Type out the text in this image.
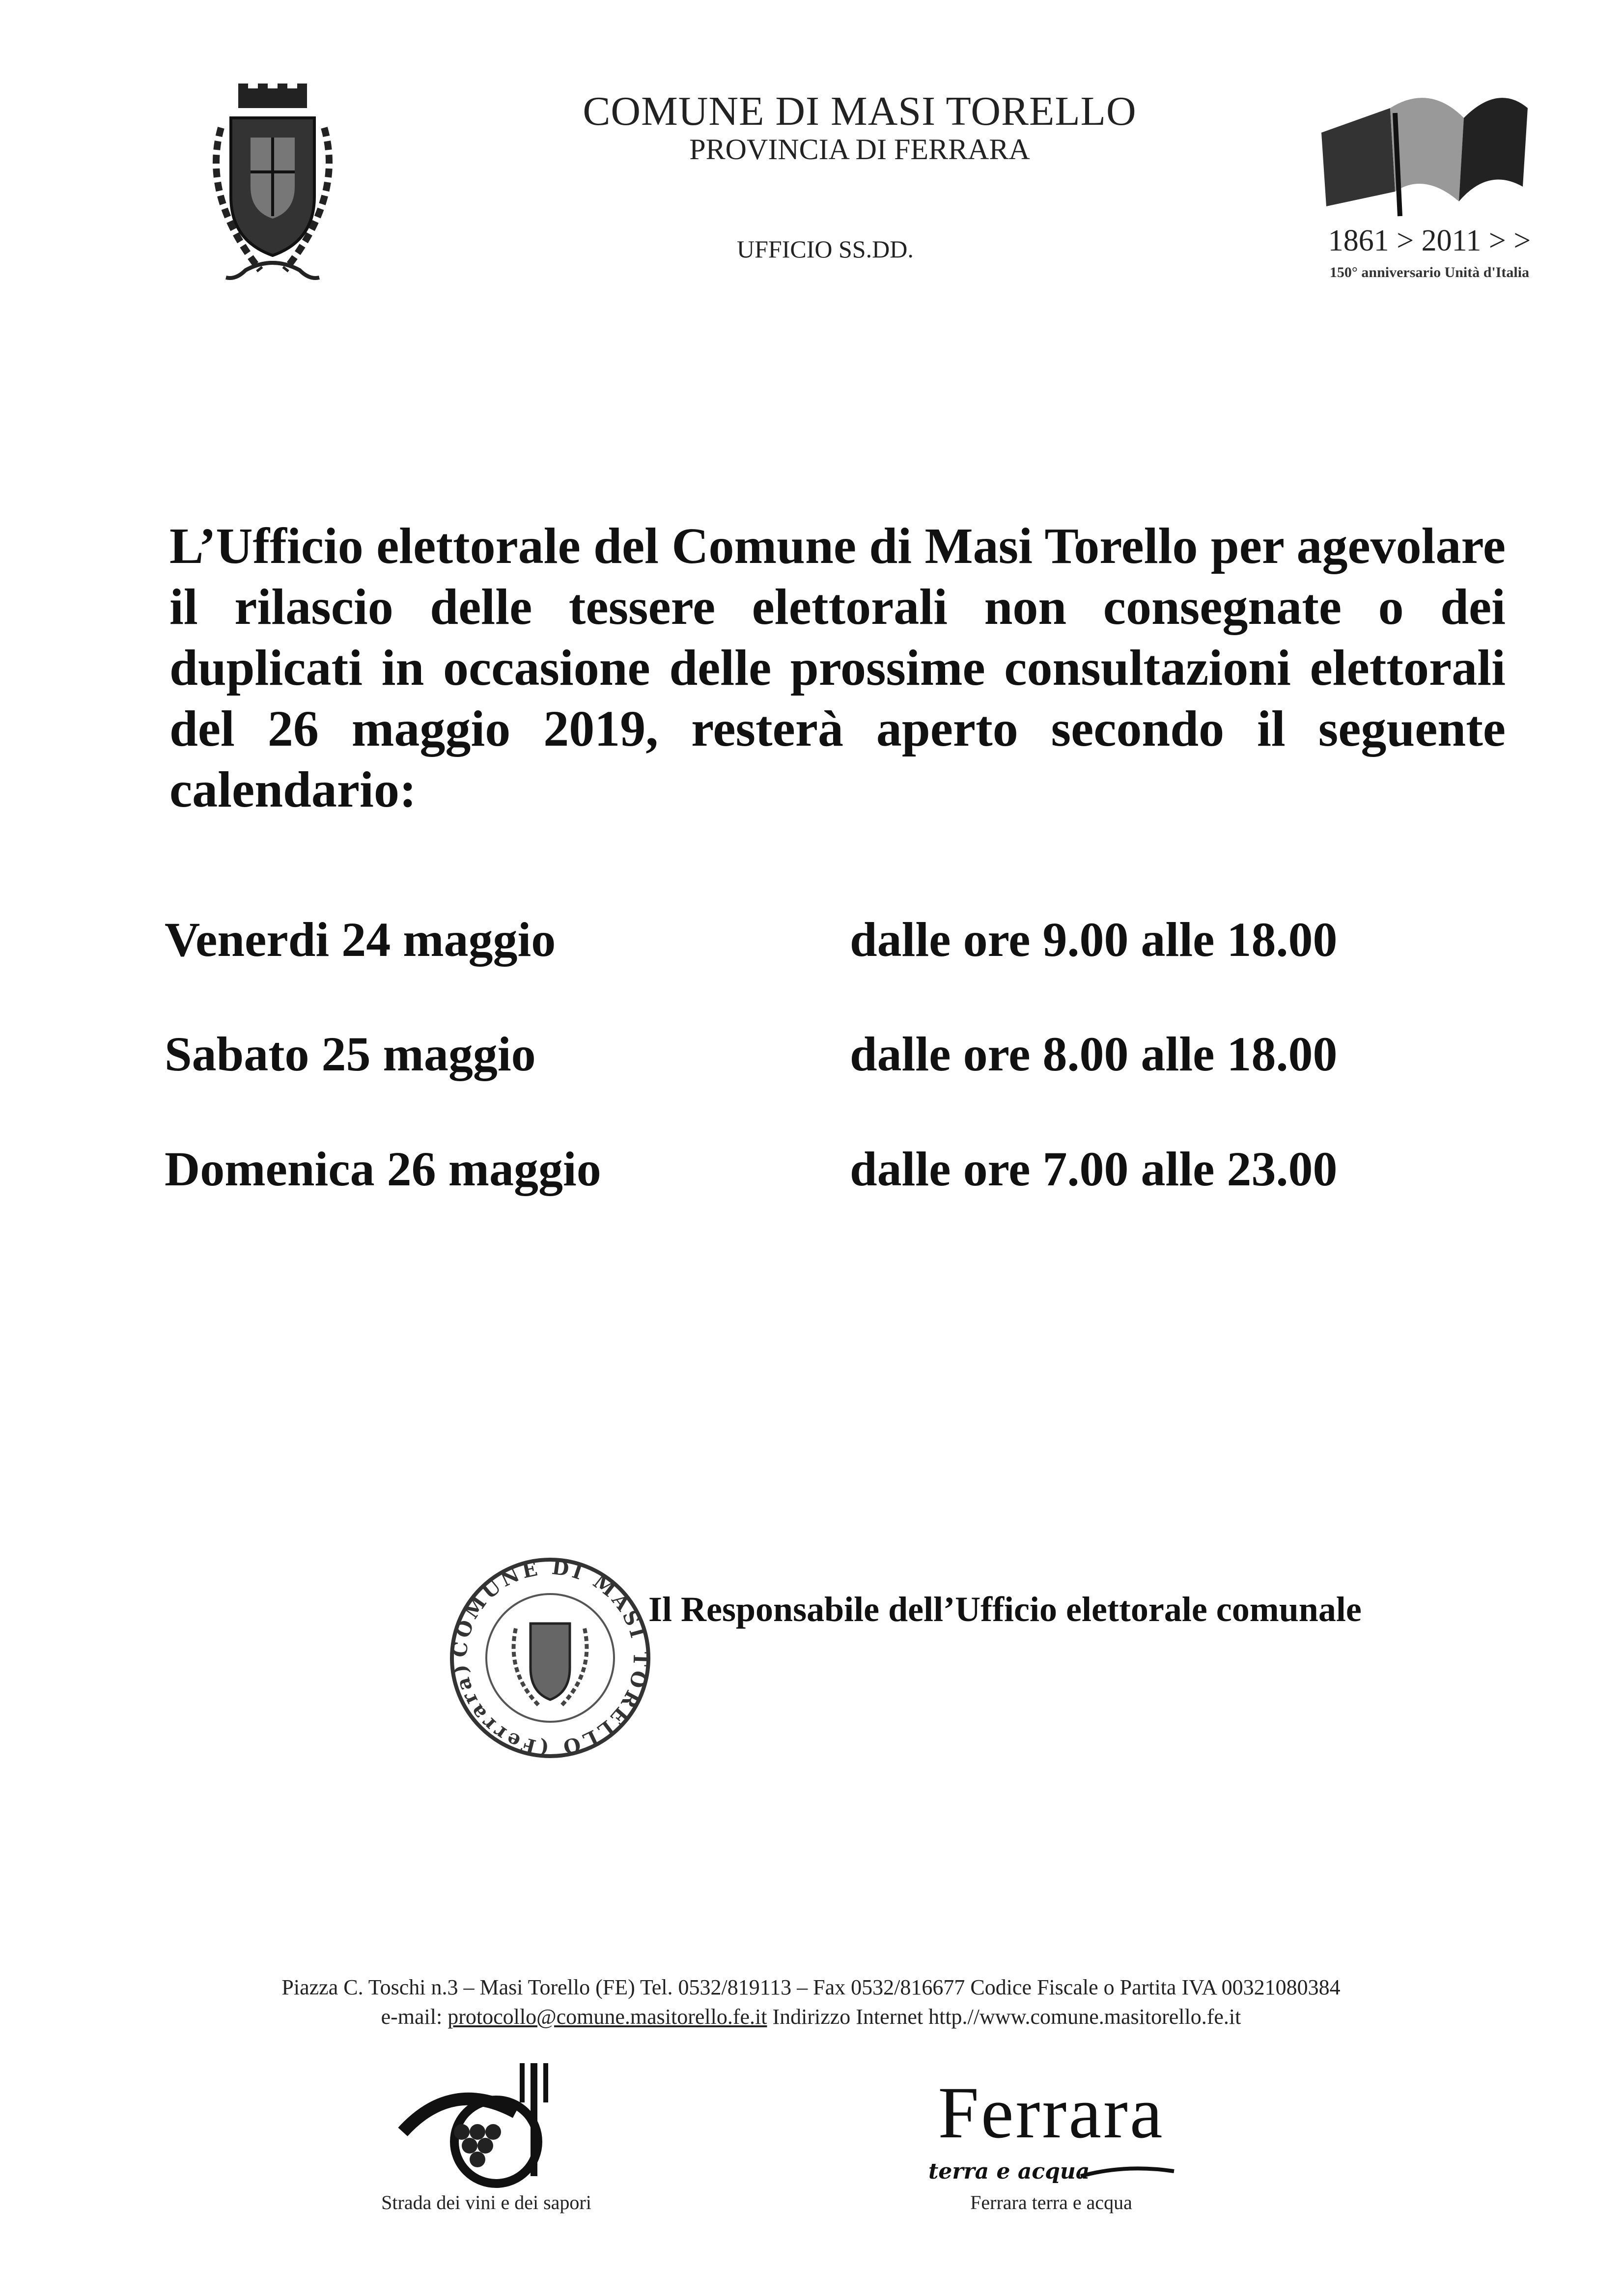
COMUNE DI MASI TORELLO
PROVINCIA DI FERRARA
UFFICIO SS.DD.	1861 > 2011 > >
150° anniversario Unità d'Italia
L’Ufficio elettorale del Comune di Masi Torello per agevolare il rilascio delle tessere elettorali non consegnate o dei duplicati in occasione delle prossime consultazioni elettorali del 26 maggio 2019, resterà aperto secondo il seguente calendario:
Venerdi 24 maggio	dalle ore 9.00 alle 18.00
Sabato 25 maggio	dalle ore 8.00 alle 18.00
Domenica 26 maggio	dalle ore 7.00 alle 23.00
COMUNE DI MASI TORELLO (Ferrara)
Il Responsabile dell’Ufficio elettorale comunale
Piazza C. Toschi n.3 – Masi Torello (FE) Tel. 0532/819113 – Fax 0532/816677 Codice Fiscale o Partita IVA 00321080384
e-mail: protocollo@comune.masitorello.fe.it Indirizzo Internet http.//www.comune.masitorello.fe.it
Strada dei vini e dei sapori
Ferrara
terra e acqua
Ferrara terra e acqua
